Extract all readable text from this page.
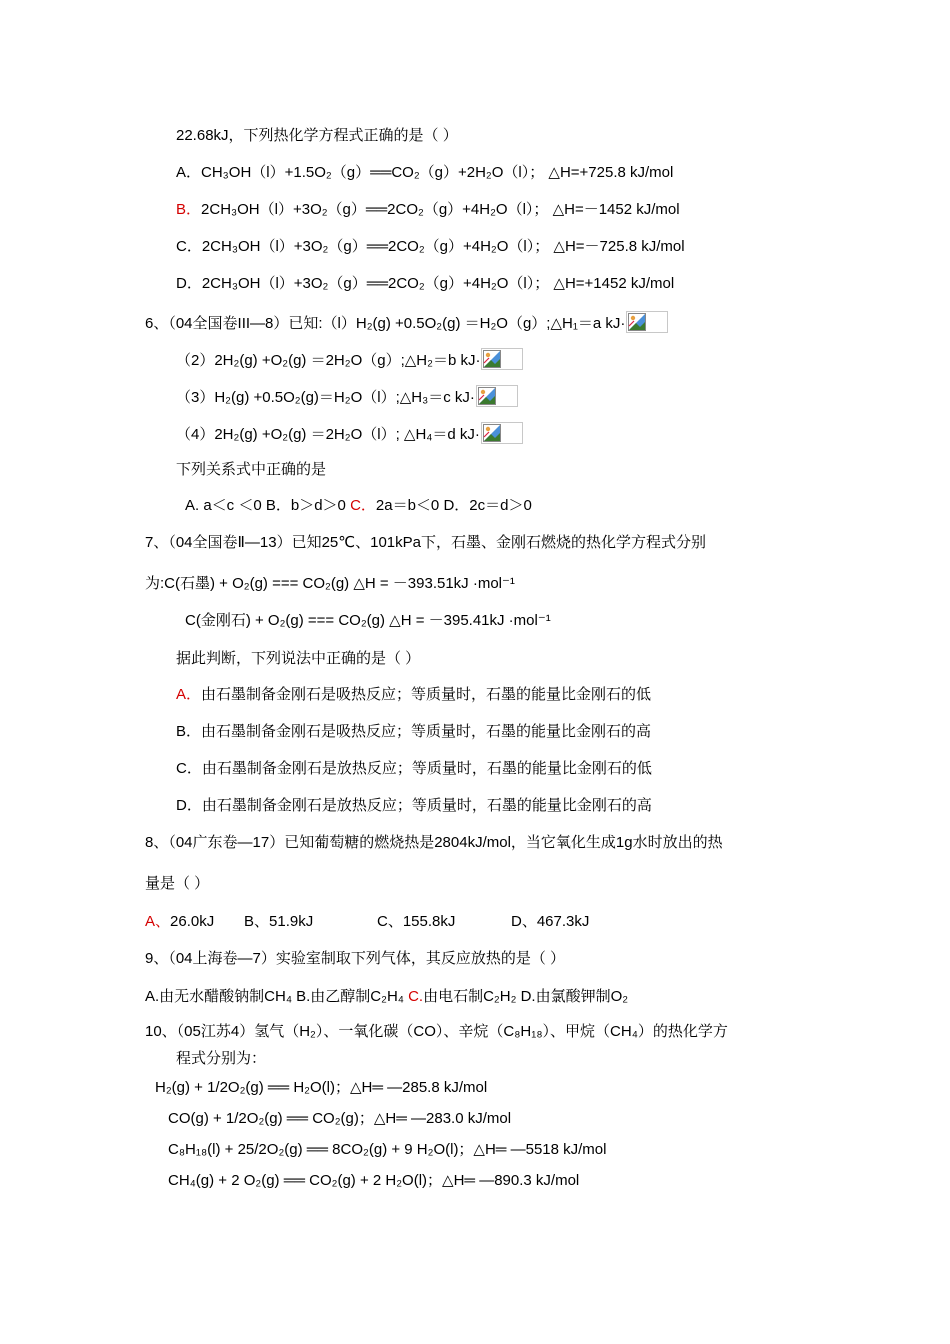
22.68kJ，下列热化学方程式正确的是（ ）
A．CH₃OH（l）+1.5O₂（g）══CO₂（g）+2H₂O（l）； △H=+725.8 kJ/mol
B．2CH₃OH（l）+3O₂（g）══2CO₂（g）+4H₂O（l）； △H=－1452 kJ/mol
C．2CH₃OH（l）+3O₂（g）══2CO₂（g）+4H₂O（l）； △H=－725.8 kJ/mol
D．2CH₃OH（l）+3O₂（g）══2CO₂（g）+4H₂O（l）； △H=+1452 kJ/mol
6、（04全国卷III—8）已知:（l）H₂(g) +0.5O₂(g) ＝H₂O（g）;△H₁＝a kJ·
（2）2H₂(g) +O₂(g) ＝2H₂O（g）;△H₂＝b kJ·
（3）H₂(g) +0.5O₂(g)＝H₂O（l）;△H₃＝c kJ·
（4）2H₂(g) +O₂(g) ＝2H₂O（l）; △H₄＝d kJ·
下列关系式中正确的是
A. a＜c ＜0 B．b＞d＞0 C．2a＝b＜0 D．2c＝d＞0
7、（04全国卷Ⅱ—13）已知25℃、101kPa下，石墨、金刚石燃烧的热化学方程式分别
为:C(石墨) + O₂(g) === CO₂(g) △H = －393.51kJ ·mol⁻¹
C(金刚石) + O₂(g) === CO₂(g) △H = －395.41kJ ·mol⁻¹
据此判断，下列说法中正确的是（ ）
A．由石墨制备金刚石是吸热反应；等质量时，石墨的能量比金刚石的低
B．由石墨制备金刚石是吸热反应；等质量时，石墨的能量比金刚石的高
C．由石墨制备金刚石是放热反应；等质量时，石墨的能量比金刚石的低
D．由石墨制备金刚石是放热反应；等质量时，石墨的能量比金刚石的高
8、（04广东卷—17）已知葡萄糖的燃烧热是2804kJ/mol，当它氧化生成1g水时放出的热
量是（ ）
A、26.0kJ B、51.9kJ	C、155.8kJ	D、467.3kJ
9、（04上海卷—7）实验室制取下列气体，其反应放热的是（ ）
A.由无水醋酸钠制CH₄ B.由乙醇制C₂H₄ C.由电石制C₂H₂ D.由氯酸钾制O₂
10、（05江苏4）氢气（H₂）、一氧化碳（CO）、辛烷（C₈H₁₈）、甲烷（CH₄）的热化学方
程式分别为：
H₂(g) + 1/2O₂(g) ══ H₂O(l)；△H═ —285.8 kJ/mol
CO(g) + 1/2O₂(g) ══ CO₂(g)；△H═ —283.0 kJ/mol
C₈H₁₈(l) + 25/2O₂(g) ══ 8CO₂(g) + 9 H₂O(l)；△H═ —5518 kJ/mol
CH₄(g) + 2 O₂(g) ══ CO₂(g) + 2 H₂O(l)；△H═ —890.3 kJ/mol
